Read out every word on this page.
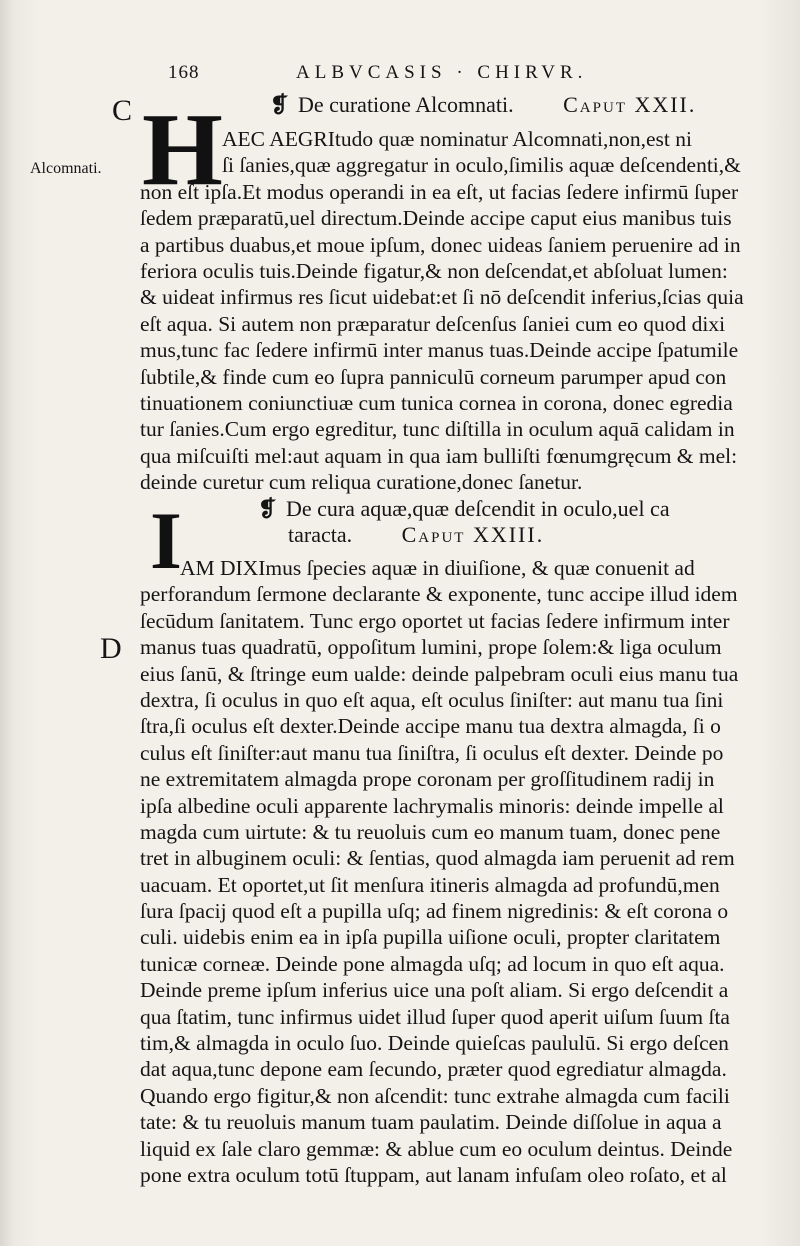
168	ALBVCASIS · CHIRVR.
C
Alcomnati.
D
❡ De curatione Alcomnati. Caput XXII.
H AEC AEGRItudo quæ nominatur Alcomnati,non,est ni
ſi ſanies,quæ aggregatur in oculo,ſimilis aquæ deſcendenti,&
non eſt ipſa.Et modus operandi in ea eſt, ut facias ſedere infirmū ſuper
ſedem præparatū,uel directum.Deinde accipe caput eius manibus tuis
a partibus duabus,et moue ipſum, donec uideas ſaniem peruenire ad in
feriora oculis tuis.Deinde figatur,& non deſcendat,et abſoluat lumen:
& uideat infirmus res ſicut uidebat:et ſi nō deſcendit inferius,ſcias quia
eſt aqua. Si autem non præparatur deſcenſus ſaniei cum eo quod dixi
mus,tunc fac ſedere infirmū inter manus tuas.Deinde accipe ſpatumile
ſubtile,& finde cum eo ſupra panniculū corneum parumper apud con
tinuationem coniunctiuæ cum tunica cornea in corona, donec egredia
tur ſanies.Cum ergo egreditur, tunc diſtilla in oculum aquā calidam in
qua miſcuiſti mel:aut aquam in qua iam bulliſti fœnumgręcum & mel:
deinde curetur cum reliqua curatione,donec ſanetur.
❡ De cura aquæ,quæ deſcendit in oculo,uel ca
taracta. Caput XXIII.
I
AM DIXImus ſpecies aquæ in diuiſione, & quæ conuenit ad
perforandum ſermone declarante & exponente, tunc accipe illud idem
ſecūdum ſanitatem. Tunc ergo oportet ut facias ſedere infirmum inter
manus tuas quadratū, oppoſitum lumini, prope ſolem:& liga oculum
eius ſanū, & ſtringe eum ualde: deinde palpebram oculi eius manu tua
dextra, ſi oculus in quo eſt aqua, eſt oculus ſiniſter: aut manu tua ſini
ſtra,ſi oculus eſt dexter.Deinde accipe manu tua dextra almagda, ſi o
culus eſt ſiniſter:aut manu tua ſiniſtra, ſi oculus eſt dexter. Deinde po
ne extremitatem almagda prope coronam per groſſitudinem radij in
ipſa albedine oculi apparente lachrymalis minoris: deinde impelle al
magda cum uirtute: & tu reuoluis cum eo manum tuam, donec pene
tret in albuginem oculi: & ſentias, quod almagda iam peruenit ad rem
uacuam. Et oportet,ut ſit menſura itineris almagda ad profundū,men
ſura ſpacij quod eſt a pupilla uſq; ad finem nigredinis: & eſt corona o
culi. uidebis enim ea in ipſa pupilla uiſione oculi, propter claritatem
tunicæ corneæ. Deinde pone almagda uſq; ad locum in quo eſt aqua.
Deinde preme ipſum inferius uice una poſt aliam. Si ergo deſcendit a
qua ſtatim, tunc infirmus uidet illud ſuper quod aperit uiſum ſuum ſta
tim,& almagda in oculo ſuo. Deinde quieſcas paululū. Si ergo deſcen
dat aqua,tunc depone eam ſecundo, præter quod egrediatur almagda.
Quando ergo figitur,& non aſcendit: tunc extrahe almagda cum facili
tate: & tu reuoluis manum tuam paulatim. Deinde diſſolue in aqua a
liquid ex ſale claro gemmæ: & ablue cum eo oculum deintus. Deinde
pone extra oculum totū ſtuppam, aut lanam infuſam oleo roſato, et al
